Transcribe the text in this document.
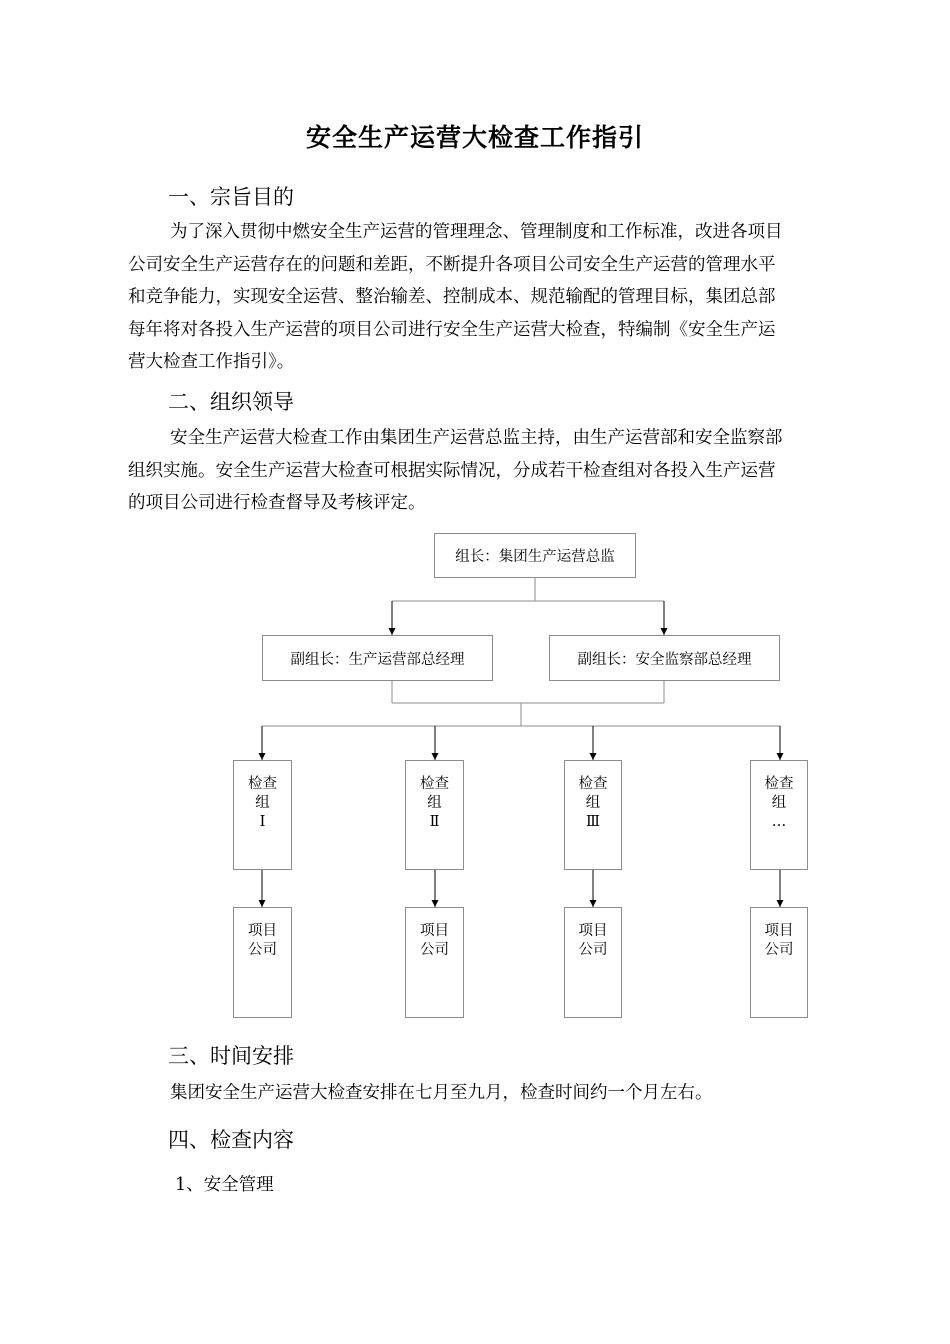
安全生产运营大检查工作指引
一、宗旨目的
为了深入贯彻中燃安全生产运营的管理理念、管理制度和工作标准，改进各项目
公司安全生产运营存在的问题和差距，不断提升各项目公司安全生产运营的管理水平
和竞争能力，实现安全运营、整治输差、控制成本、规范输配的管理目标，集团总部
每年将对各投入生产运营的项目公司进行安全生产运营大检查，特编制《安全生产运
营大检查工作指引》。
二、组织领导
安全生产运营大检查工作由集团生产运营总监主持，由生产运营部和安全监察部
组织实施。安全生产运营大检查可根据实际情况，分成若干检查组对各投入生产运营
的项目公司进行检查督导及考核评定。
组长：集团生产运营总监
副组长：生产运营部总经理	副组长：安全监察部总经理
检查
组
Ⅰ
检查
组
Ⅱ
检查
组
Ⅲ
检查
组
…
项目
公司
项目
公司
项目
公司
项目
公司
三、时间安排
集团安全生产运营大检查安排在七月至九月，检查时间约一个月左右。
四、检查内容
1、安全管理
